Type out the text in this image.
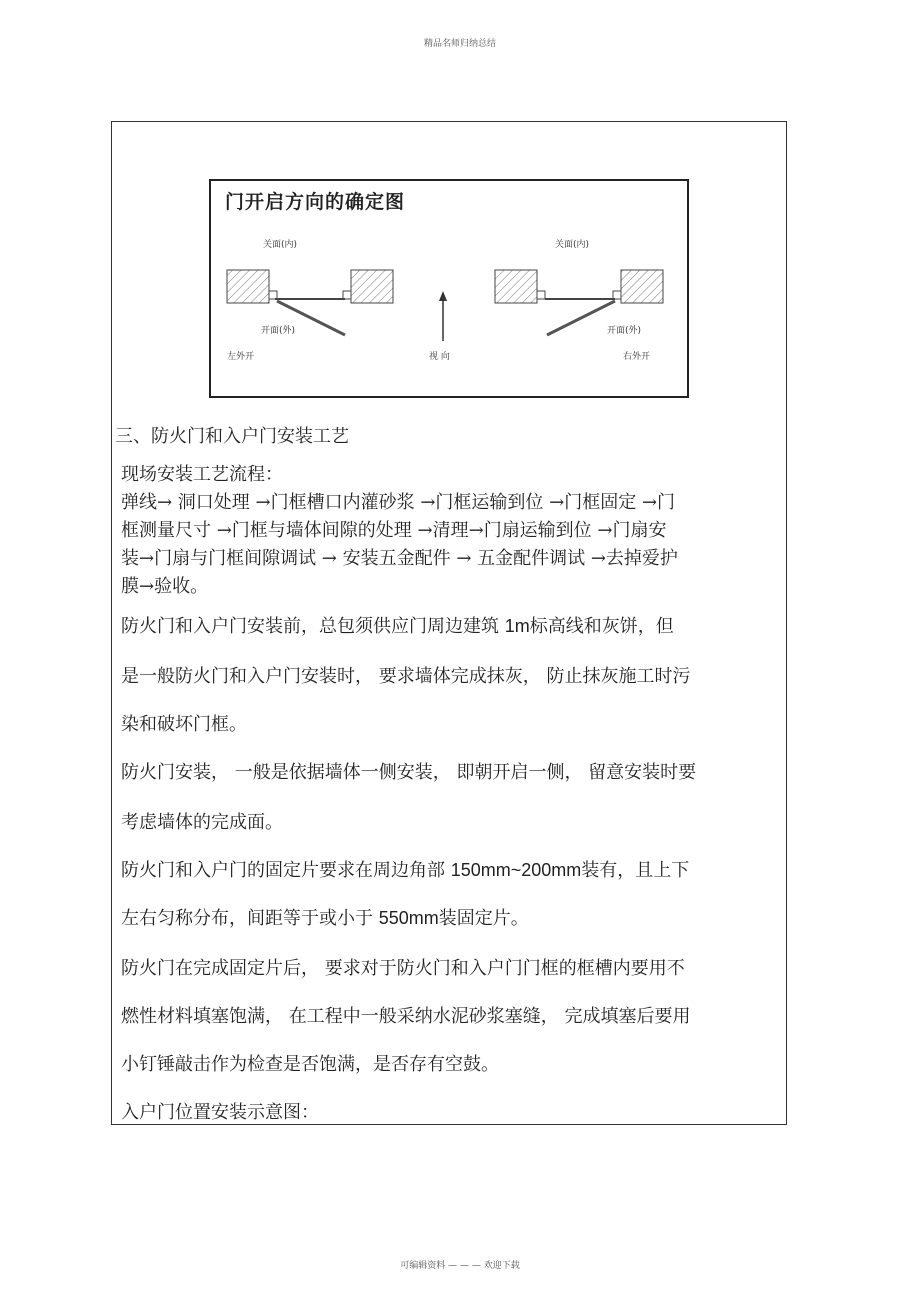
精品名师归纳总结
门开启方向的确定图
关面(内)
开面(外)
左外开	视 向
关面(内)
开面(外)
右外开
三、防火门和入户门安装工艺
现场安装工艺流程：
弹线→ 洞口处理 →门框槽口内灌砂浆 →门框运输到位 →门框固定 →门
框测量尺寸 →门框与墙体间隙的处理 →清理→门扇运输到位 →门扇安
装→门扇与门框间隙调试 → 安装五金配件 → 五金配件调试 →去掉爱护
膜→验收。
防火门和入户门安装前，总包须供应门周边建筑 1m标高线和灰饼，但
是一般防火门和入户门安装时， 要求墙体完成抹灰， 防止抹灰施工时污
染和破坏门框。
防火门安装， 一般是依据墙体一侧安装， 即朝开启一侧， 留意安装时要
考虑墙体的完成面。
防火门和入户门的固定片要求在周边角部 150mm~200mm装有，且上下
左右匀称分布，间距等于或小于 550mm装固定片。
防火门在完成固定片后， 要求对于防火门和入户门门框的框槽内要用不
燃性材料填塞饱满， 在工程中一般采纳水泥砂浆塞缝， 完成填塞后要用
小钉锤敲击作为检查是否饱满，是否存有空鼓。
入户门位置安装示意图：
可编辑资料 — — — 欢迎下载
